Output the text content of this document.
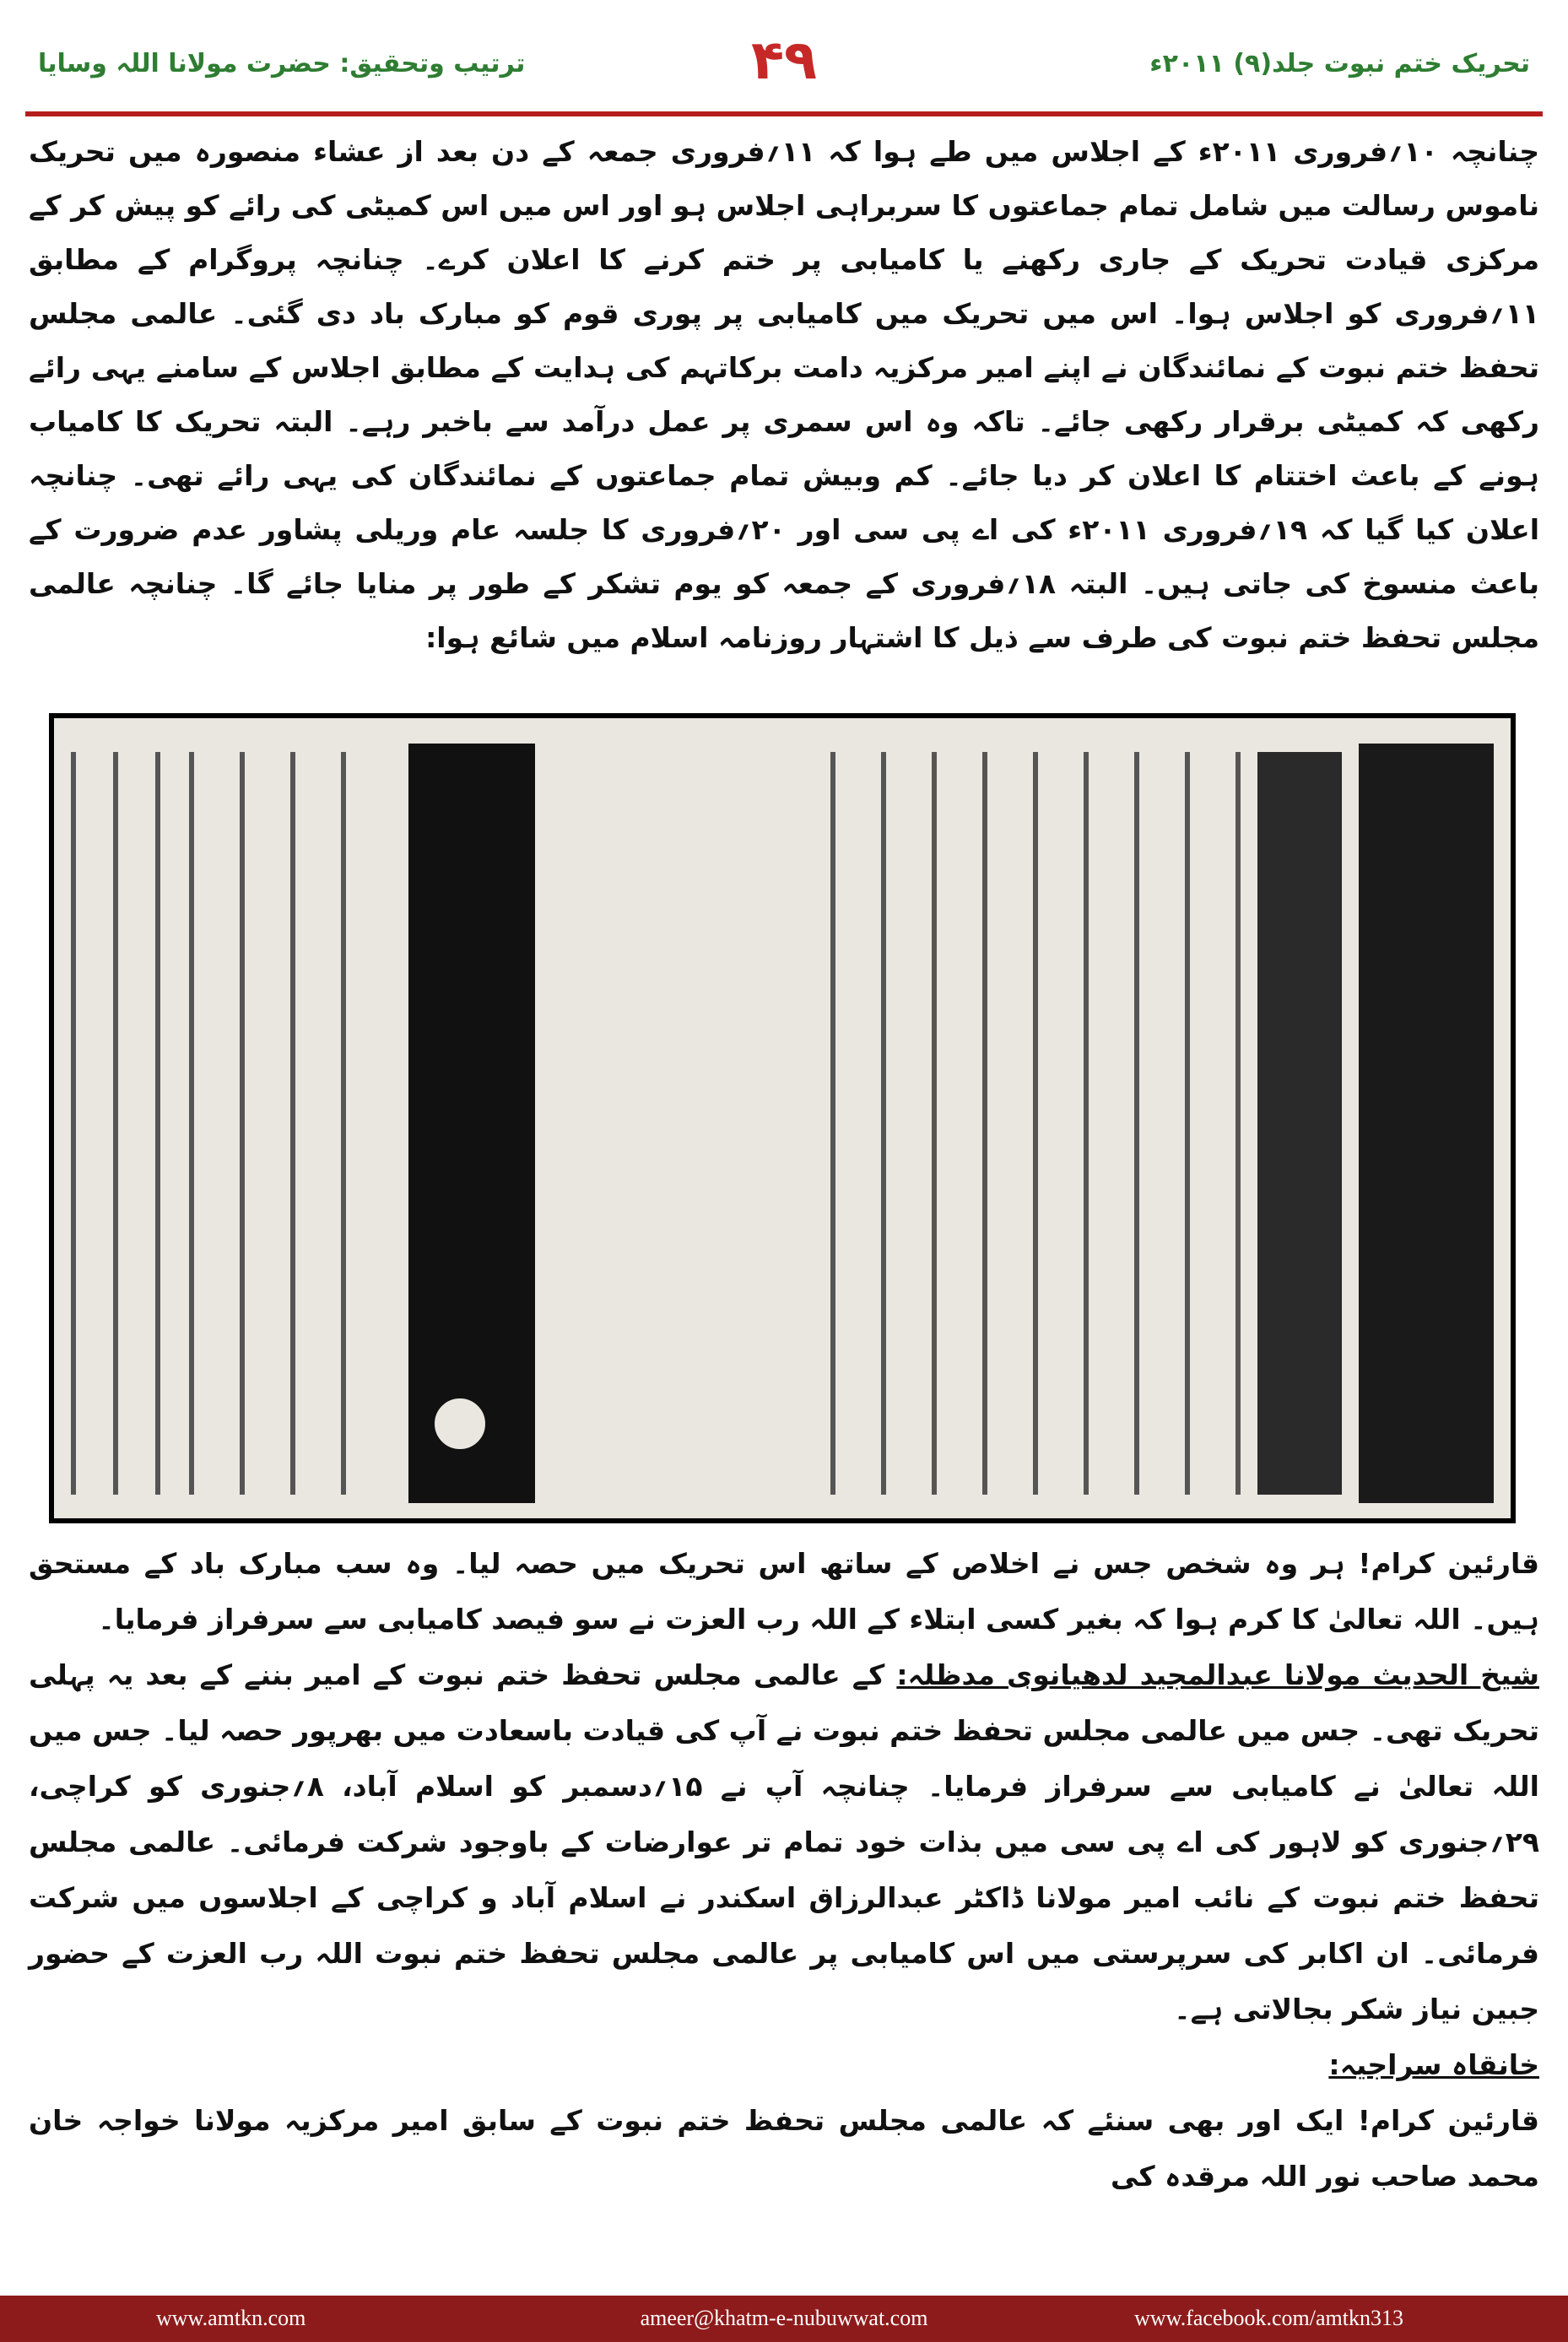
ترتیب وتحقیق: حضرت مولانا اللہ وسایا	۴۹	تحریک ختم نبوت جلد(۹) ۲۰۱۱ء

چنانچہ ۱۰؍فروری ۲۰۱۱ء کے اجلاس میں طے ہوا کہ ۱۱؍فروری جمعہ کے دن بعد از عشاء منصورہ میں تحریک ناموس رسالت میں شامل تمام جماعتوں کا سربراہی اجلاس ہو اور اس میں اس کمیٹی کی رائے کو پیش کر کے مرکزی قیادت تحریک کے جاری رکھنے یا کامیابی پر ختم کرنے کا اعلان کرے۔ چنانچہ پروگرام کے مطابق ۱۱؍فروری کو اجلاس ہوا۔ اس میں تحریک میں کامیابی پر پوری قوم کو مبارک باد دی گئی۔ عالمی مجلس تحفظ ختم نبوت کے نمائندگان نے اپنے امیر مرکزیہ دامت برکاتہم کی ہدایت کے مطابق اجلاس کے سامنے یہی رائے رکھی کہ کمیٹی برقرار رکھی جائے۔ تاکہ وہ اس سمری پر عمل درآمد سے باخبر رہے۔ البتہ تحریک کا کامیاب ہونے کے باعث اختتام کا اعلان کر دیا جائے۔ کم وبیش تمام جماعتوں کے نمائندگان کی یہی رائے تھی۔ چنانچہ اعلان کیا گیا کہ ۱۹؍فروری ۲۰۱۱ء کی اے پی سی اور ۲۰؍فروری کا جلسہ عام وریلی پشاور عدم ضرورت کے باعث منسوخ کی جاتی ہیں۔ البتہ ۱۸؍فروری کے جمعہ کو یوم تشکر کے طور پر منایا جائے گا۔ چنانچہ عالمی مجلس تحفظ ختم نبوت کی طرف سے ذیل کا اشتہار روزنامہ اسلام میں شائع ہوا:

قارئین کرام! ہر وہ شخص جس نے اخلاص کے ساتھ اس تحریک میں حصہ لیا۔ وہ سب مبارک باد کے مستحق ہیں۔ اللہ تعالیٰ کا کرم ہوا کہ بغیر کسی ابتلاء کے اللہ رب العزت نے سو فیصد کامیابی سے سرفراز فرمایا۔

شیخ الحدیث مولانا عبدالمجید لدھیانوی مدظلہ: کے عالمی مجلس تحفظ ختم نبوت کے امیر بننے کے بعد یہ پہلی تحریک تھی۔ جس میں عالمی مجلس تحفظ ختم نبوت نے آپ کی قیادت باسعادت میں بھرپور حصہ لیا۔ جس میں اللہ تعالیٰ نے کامیابی سے سرفراز فرمایا۔ چنانچہ آپ نے ۱۵؍دسمبر کو اسلام آباد، ۸؍جنوری کو کراچی، ۲۹؍جنوری کو لاہور کی اے پی سی میں بذات خود تمام تر عوارضات کے باوجود شرکت فرمائی۔ عالمی مجلس تحفظ ختم نبوت کے نائب امیر مولانا ڈاکٹر عبدالرزاق اسکندر نے اسلام آباد و کراچی کے اجلاسوں میں شرکت فرمائی۔ ان اکابر کی سرپرستی میں اس کامیابی پر عالمی مجلس تحفظ ختم نبوت اللہ رب العزت کے حضور جبین نیاز شکر بجالاتی ہے۔

خانقاہ سراجیہ:

قارئین کرام! ایک اور بھی سنئے کہ عالمی مجلس تحفظ ختم نبوت کے سابق امیر مرکزیہ مولانا خواجہ خان محمد صاحب نور اللہ مرقدہ کی

www.amtkn.com	ameer@khatm-e-nubuwwat.com	www.facebook.com/amtkn313
